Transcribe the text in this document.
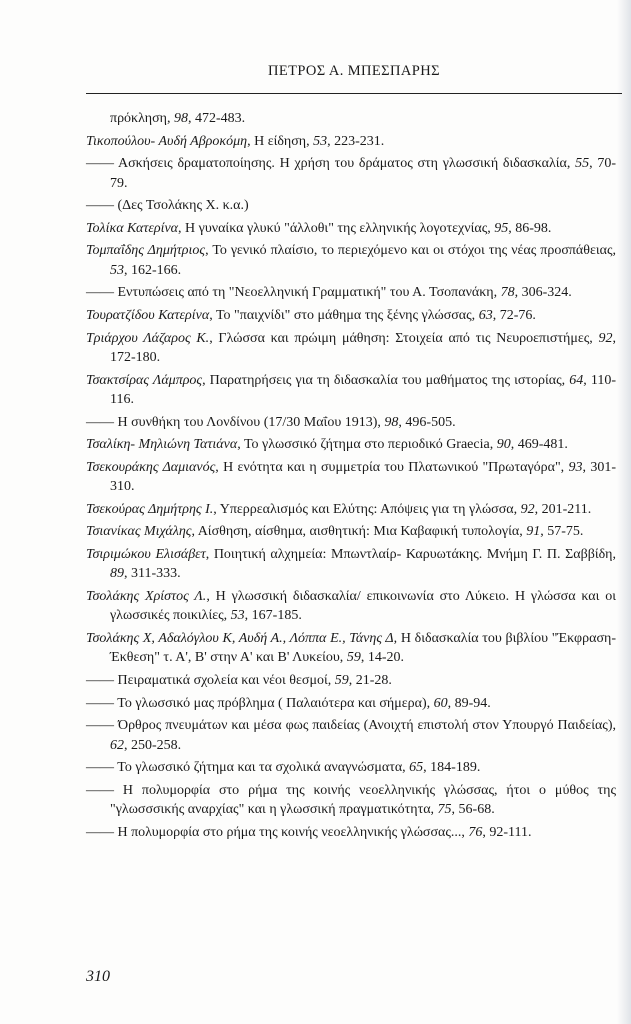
ΠΕΤΡΟΣ Α. ΜΠΕΣΠΑΡΗΣ
πρόκληση, 98, 472-483.
Τικοπούλου- Αυδή Αβροκόμη, Η είδηση, 53, 223-231.
—— Ασκήσεις δραματοποίησης. Η χρήση του δράματος στη γλωσσική διδασκαλία, 55, 70-79.
—— (Δες Τσολάκης Χ. κ.α.)
Τολίκα Κατερίνα, Η γυναίκα γλυκύ "άλλοθι" της ελληνικής λογοτεχνίας, 95, 86-98.
Τομπαΐδης Δημήτριος, Το γενικό πλαίσιο, το περιεχόμενο και οι στόχοι της νέας προσπάθειας, 53, 162-166.
—— Εντυπώσεις από τη "Νεοελληνική Γραμματική" του Α. Τσοπανάκη, 78, 306-324.
Τουρατζίδου Κατερίνα, Το "παιχνίδι" στο μάθημα της ξένης γλώσσας, 63, 72-76.
Τριάρχου Λάζαρος Κ., Γλώσσα και πρώιμη μάθηση: Στοιχεία από τις Νευροεπιστήμες, 92, 172-180.
Τσακτσίρας Λάμπρος, Παρατηρήσεις για τη διδασκαλία του μαθήματος της ιστορίας, 64, 110-116.
—— Η συνθήκη του Λονδίνου (17/30 Μαΐου 1913), 98, 496-505.
Τσαλίκη- Μηλιώνη Τατιάνα, Το γλωσσικό ζήτημα στο περιοδικό Graecia, 90, 469-481.
Τσεκουράκης Δαμιανός, Η ενότητα και η συμμετρία του Πλατωνικού "Πρωταγόρα", 93, 301-310.
Τσεκούρας Δημήτρης Ι., Υπερρεαλισμός και Ελύτης: Απόψεις για τη γλώσσα, 92, 201-211.
Τσιανίκας Μιχάλης, Αίσθηση, αίσθημα, αισθητική: Μια Καβαφική τυπολογία, 91, 57-75.
Τσιριμώκου Ελισάβετ, Ποιητική αλχημεία: Μπωντλαίρ- Καρυωτάκης. Μνήμη Γ. Π. Σαββίδη, 89, 311-333.
Τσολάκης Χρίστος Λ., Η γλωσσική διδασκαλία/ επικοινωνία στο Λύκειο. Η γλώσσα και οι γλωσσικές ποικιλίες, 53, 167-185.
Τσολάκης Χ, Αδαλόγλου Κ, Αυδή Α., Λόππα Ε., Τάνης Δ, Η διδασκαλία του βιβλίου "Έκφραση- Έκθεση" τ. Α', Β' στην Α' και Β' Λυκείου, 59, 14-20.
—— Πειραματικά σχολεία και νέοι θεσμοί, 59, 21-28.
—— Το γλωσσικό μας πρόβλημα ( Παλαιότερα και σήμερα), 60, 89-94.
—— Όρθρος πνευμάτων και μέσα φως παιδείας (Ανοιχτή επιστολή στον Υπουργό Παιδείας), 62, 250-258.
—— Το γλωσσικό ζήτημα και τα σχολικά αναγνώσματα, 65, 184-189.
—— Η πολυμορφία στο ρήμα της κοινής νεοελληνικής γλώσσας, ήτοι ο μύθος της "γλωσσσικής αναρχίας" και η γλωσσική πραγματικότητα, 75, 56-68.
—— Η πολυμορφία στο ρήμα της κοινής νεοελληνικής γλώσσας..., 76, 92-111.
310
